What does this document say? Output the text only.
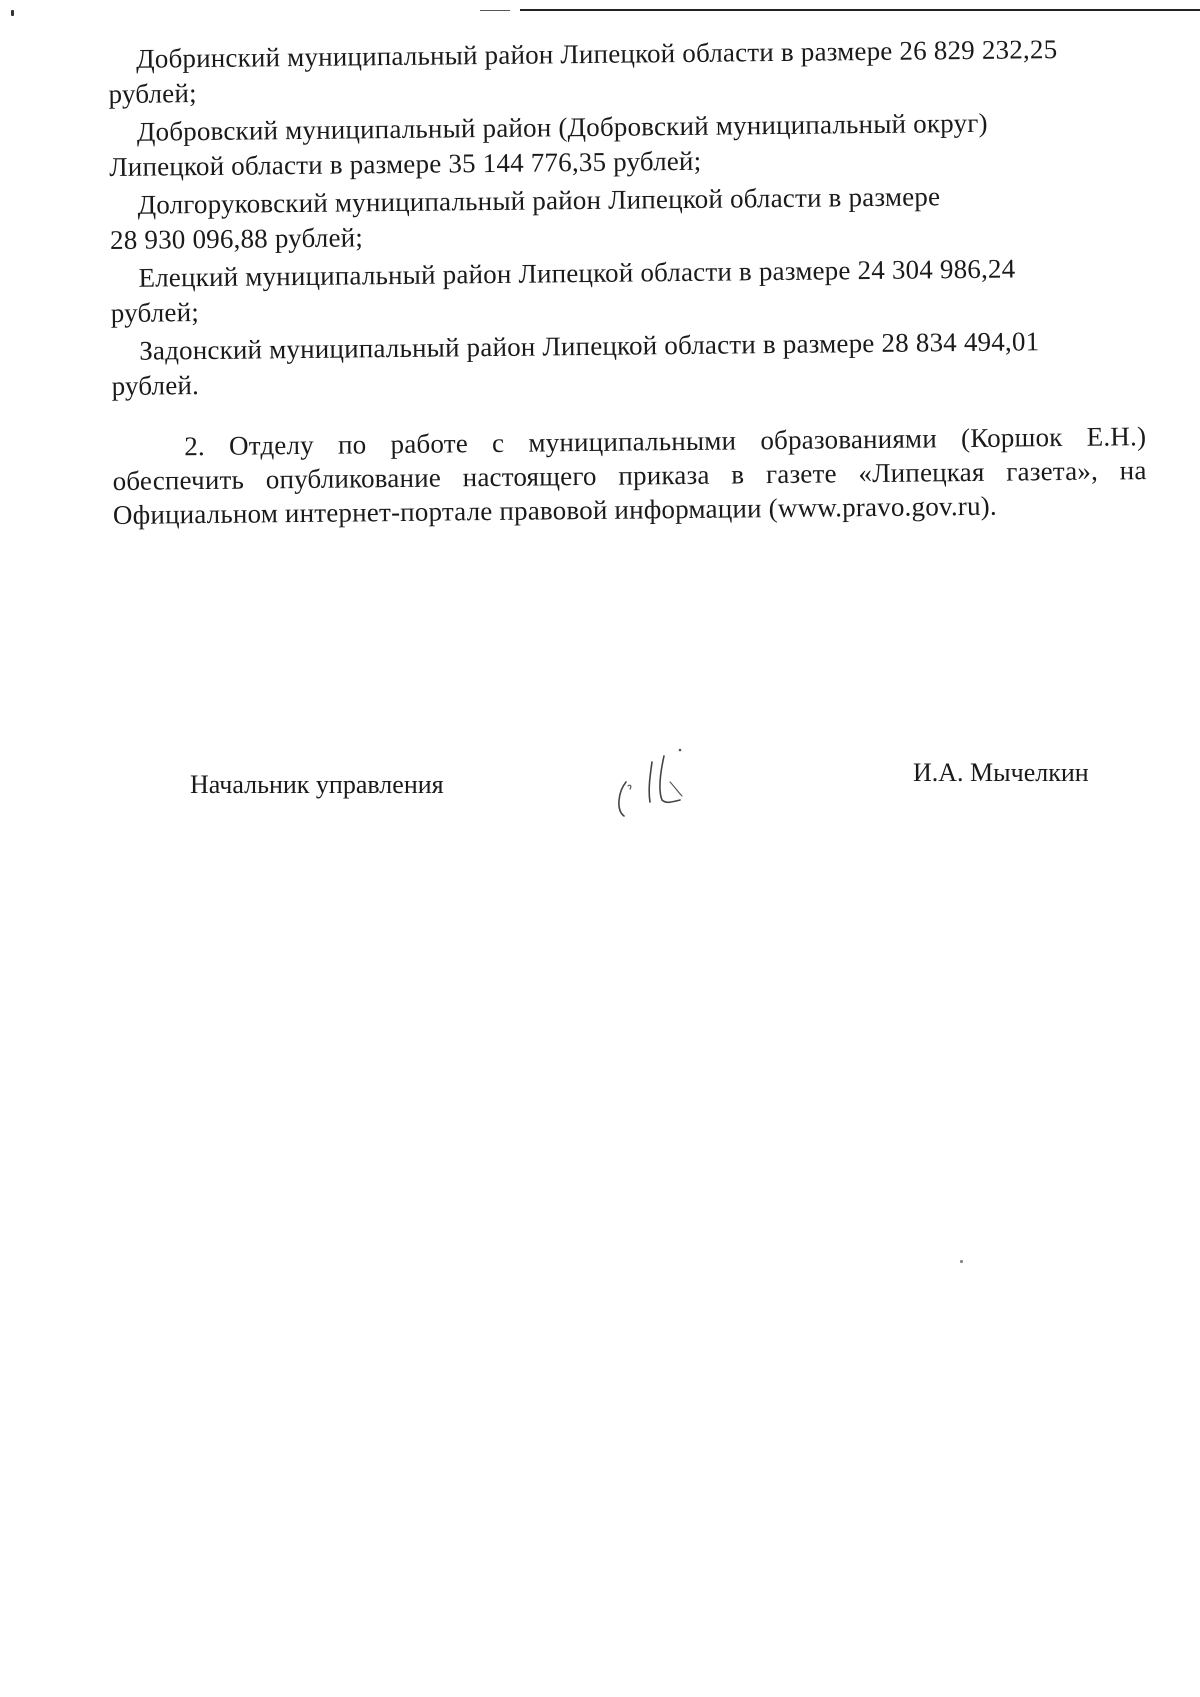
Добринский муниципальный район Липецкой области в размере 26 829 232,25
рублей;
Добровский муниципальный район (Добровский муниципальный округ)
Липецкой области в размере 35 144 776,35 рублей;
Долгоруковский муниципальный район Липецкой области в размере
28 930 096,88 рублей;
Елецкий муниципальный район Липецкой области в размере 24 304 986,24
рублей;
Задонский муниципальный район Липецкой области в размере 28 834 494,01
рублей.

2. Отделу по работе с муниципальными образованиями (Коршок Е.Н.) обеспечить опубликование настоящего приказа в газете «Липецкая газета», на Официальном интернет-портале правовой информации (www.pravo.gov.ru).

Начальник управления	И.А. Мычелкин
